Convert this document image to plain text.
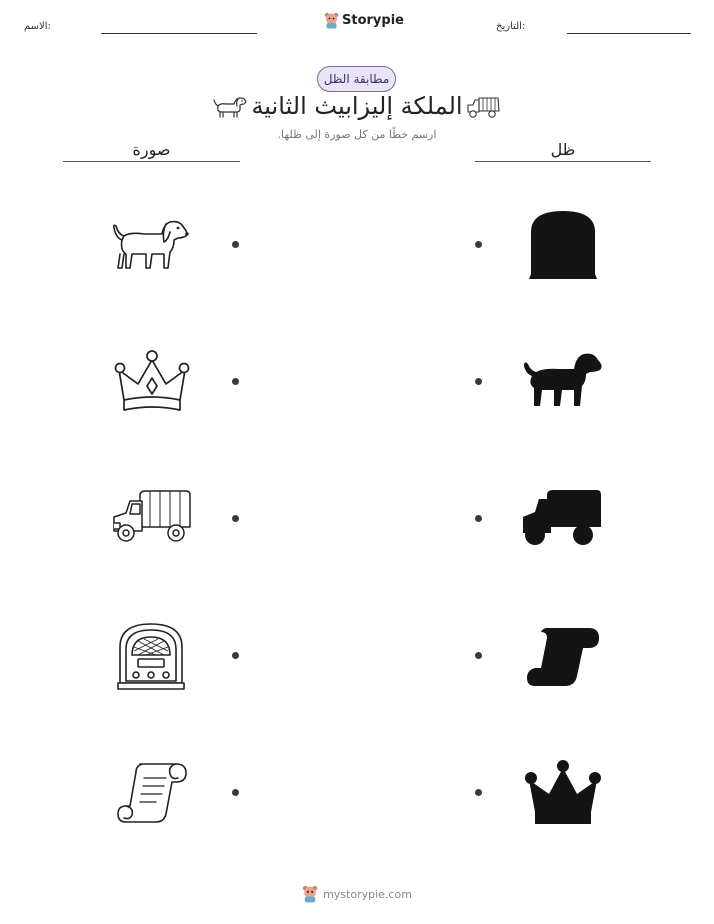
الاسم:	Storypie	التاريخ:
مطابقة الظل
الملكة إليزابيث الثانية
ارسم خطًا من كل صورة إلى ظلها.
صورة	ظل
mystorypie.com
